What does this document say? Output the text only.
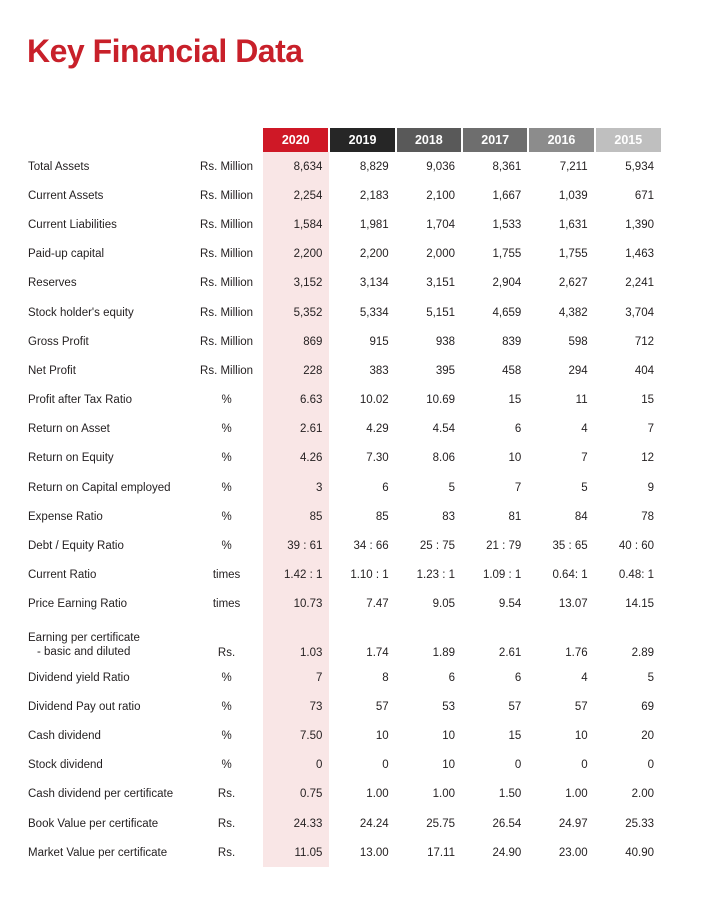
Key Financial Data
		2020	2019	2018	2017	2016	2015
Total Assets	Rs. Million	8,634	8,829	9,036	8,361	7,211	5,934
Current Assets	Rs. Million	2,254	2,183	2,100	1,667	1,039	671
Current Liabilities	Rs. Million	1,584	1,981	1,704	1,533	1,631	1,390
Paid-up capital	Rs. Million	2,200	2,200	2,000	1,755	1,755	1,463
Reserves	Rs. Million	3,152	3,134	3,151	2,904	2,627	2,241
Stock holder's equity	Rs. Million	5,352	5,334	5,151	4,659	4,382	3,704
Gross Profit	Rs. Million	869	915	938	839	598	712
Net Profit	Rs. Million	228	383	395	458	294	404
Profit after Tax Ratio	%	6.63	10.02	10.69	15	11	15
Return on Asset	%	2.61	4.29	4.54	6	4	7
Return on Equity	%	4.26	7.30	8.06	10	7	12
Return on Capital employed	%	3	6	5	7	5	9
Expense Ratio	%	85	85	83	81	84	78
Debt / Equity Ratio	%	39 : 61	34 : 66	25 : 75	21 : 79	35 : 65	40 : 60
Current Ratio	times	1.42 : 1	1.10 : 1	1.23 : 1	1.09 : 1	0.64: 1	0.48: 1
Price Earning Ratio	times	10.73	7.47	9.05	9.54	13.07	14.15
Earning per certificate
- basic and diluted	Rs.	1.03	1.74	1.89	2.61	1.76	2.89
Dividend yield Ratio	%	7	8	6	6	4	5
Dividend Pay out ratio	%	73	57	53	57	57	69
Cash dividend	%	7.50	10	10	15	10	20
Stock dividend	%	0	0	10	0	0	0
Cash dividend per certificate	Rs.	0.75	1.00	1.00	1.50	1.00	2.00
Book Value per certificate	Rs.	24.33	24.24	25.75	26.54	24.97	25.33
Market Value per certificate	Rs.	11.05	13.00	17.11	24.90	23.00	40.90
